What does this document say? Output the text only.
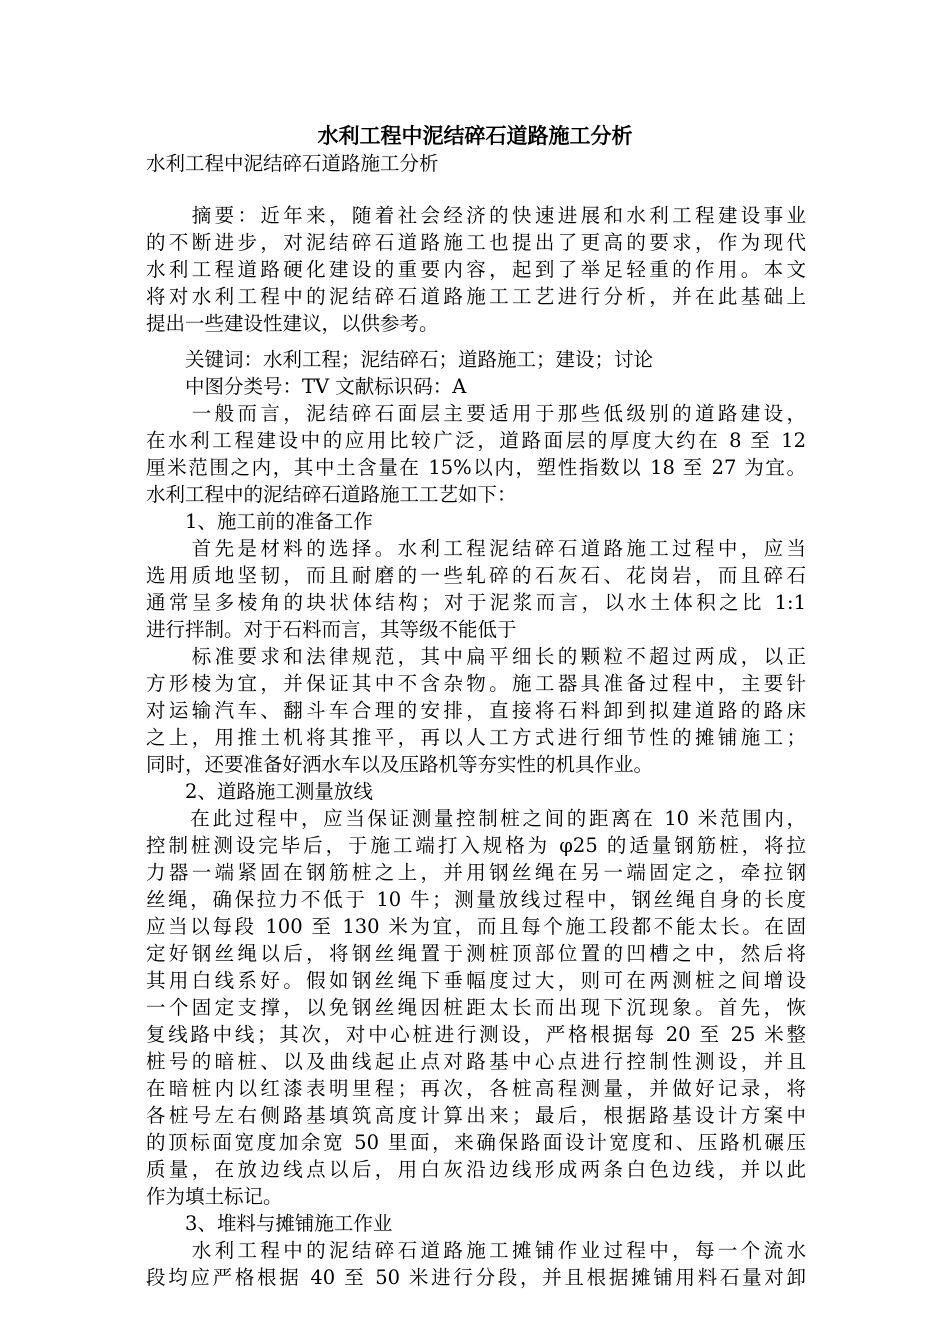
水利工程中泥结碎石道路施工分析

水利工程中泥结碎石道路施工分析

　　摘要：近年来，随着社会经济的快速进展和水利工程建设事业

的不断进步，对泥结碎石道路施工也提出了更高的要求，作为现代

水利工程道路硬化建设的重要内容，起到了举足轻重的作用。本文

将对水利工程中的泥结碎石道路施工工艺进行分析，并在此基础上

提出一些建设性建议，以供参考。

　　关键词：水利工程；泥结碎石；道路施工；建设；讨论

　　中图分类号：TV 文献标识码：A

　　一般而言，泥结碎石面层主要适用于那些低级别的道路建设，

在水利工程建设中的应用比较广泛，道路面层的厚度大约在 8 至 12

厘米范围之内，其中土含量在 15%以内，塑性指数以 18 至 27 为宜。

水利工程中的泥结碎石道路施工工艺如下：

　　1、施工前的准备工作

　　首先是材料的选择。水利工程泥结碎石道路施工过程中，应当

选用质地坚韧，而且耐磨的一些轧碎的石灰石、花岗岩，而且碎石

通常呈多棱角的块状体结构；对于泥浆而言，以水土体积之比 1:1

进行拌制。对于石料而言，其等级不能低于

　　标准要求和法律规范，其中扁平细长的颗粒不超过两成，以正

方形棱为宜，并保证其中不含杂物。施工器具准备过程中，主要针

对运输汽车、翻斗车合理的安排，直接将石料卸到拟建道路的路床

之上，用推土机将其推平，再以人工方式进行细节性的摊铺施工；

同时，还要准备好洒水车以及压路机等夯实性的机具作业。

　　2、道路施工测量放线

　　在此过程中，应当保证测量控制桩之间的距离在 10 米范围内，

控制桩测设完毕后，于施工端打入规格为 φ25 的适量钢筋桩，将拉

力器一端紧固在钢筋桩之上，并用钢丝绳在另一端固定之，牵拉钢

丝绳，确保拉力不低于 10 牛；测量放线过程中，钢丝绳自身的长度

应当以每段 100 至 130 米为宜，而且每个施工段都不能太长。在固

定好钢丝绳以后，将钢丝绳置于测桩顶部位置的凹槽之中，然后将

其用白线系好。假如钢丝绳下垂幅度过大，则可在两测桩之间增设

一个固定支撑，以免钢丝绳因桩距太长而出现下沉现象。首先，恢

复线路中线；其次，对中心桩进行测设，严格根据每 20 至 25 米整

桩号的暗桩、以及曲线起止点对路基中心点进行控制性测设，并且

在暗桩内以红漆表明里程；再次，各桩高程测量，并做好记录，将

各桩号左右侧路基填筑高度计算出来；最后，根据路基设计方案中

的顶标面宽度加余宽 50 里面，来确保路面设计宽度和、压路机碾压

质量，在放边线点以后，用白灰沿边线形成两条白色边线，并以此

作为填土标记。

　　3、堆料与摊铺施工作业

　　水利工程中的泥结碎石道路施工摊铺作业过程中，每一个流水

段均应严格根据 40 至 50 米进行分段，并且根据摊铺用料石量对卸
